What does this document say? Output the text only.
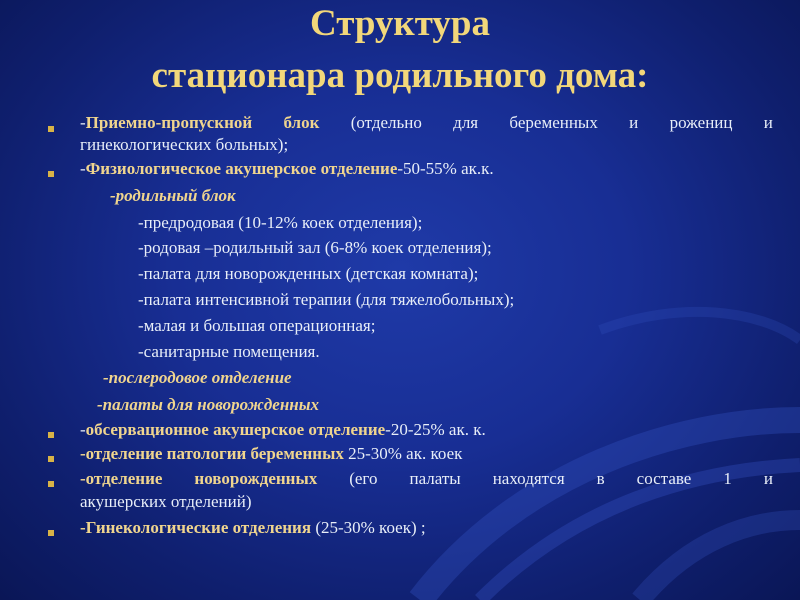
Структура
стационара родильного дома:
-Приемно-пропускной блок (отдельно для беременных и рожениц и
гинекологических больных);
-Физиологическое акушерское отделение-50-55% ак.к.
-родильный блок
-предродовая (10-12% коек отделения);
-родовая –родильный зал (6-8% коек отделения);
-палата для новорожденных (детская комната);
-палата интенсивной терапии (для тяжелобольных);
-малая и большая операционная;
-санитарные помещения.
-послеродовое отделение
-палаты для новорожденных
-обсервационное акушерское отделение-20-25% ак. к.
-отделение патологии беременных 25-30% ак. коек
-отделение новорожденных (его палаты находятся в составе 1 и
акушерских отделений)
-Гинекологические отделения (25-30% коек) ;
